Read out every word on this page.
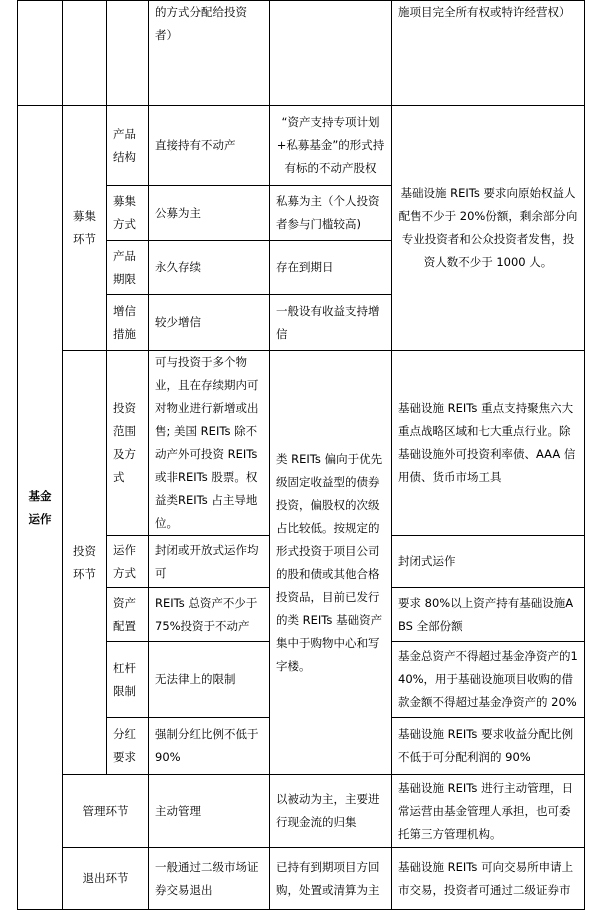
			的方式分配给投资者）		施项目完全所有权或特许经营权）

基金运作	募集环节	产品结构	直接持有不动产	“资产支持专项计划+私募基金”的形式持有标的不动产股权	基础设施 REITs 要求向原始权益人配售不少于 20%份额，剩余部分向专业投资者和公众投资者发售，投资人数不少于 1000 人。
		募集方式	公募为主	私募为主（个人投资者参与门槛较高)	
		产品期限	永久存续	存在到期日	
		增信措施	较少增信	一般设有收益支持增信	
	投资环节	投资范围及方式	可与投资于多个物业，且在存续期内可对物业进行新增或出售; 美国 REITs 除不动产外可投资 REITs 或非REITs 股票。权益类REITs 占主导地位。	类 REITs 偏向于优先级固定收益型的债券投资，偏股权的次级占比较低。按规定的形式投资于项目公司的股和债或其他合格投资品，目前已发行的类 REITs 基础资产集中于购物中心和写字楼。	基础设施 REITs 重点支持聚焦六大重点战略区域和七大重点行业。除基础设施外可投资利率债、AAA 信用债、货币市场工具
		运作方式	封闭或开放式运作均可		封闭式运作
		资产配置	REITs 总资产不少于75%投资于不动产		要求 80%以上资产持有基础设施ABS 全部份额
		杠杆限制	无法律上的限制		基金总资产不得超过基金净资产的140%，用于基础设施项目收购的借款金额不得超过基金净资产的 20%
		分红要求	强制分红比例不低于90%		基础设施 REITs 要求收益分配比例不低于可分配利润的 90%
	管理环节		主动管理	以被动为主，主要进行现金流的归集	基础设施 REITs 进行主动管理，日常运营由基金管理人承担，也可委托第三方管理机构。
	退出环节		一般通过二级市场证券交易退出	已持有到期项目方回购，处置或清算为主	基础设施 REITs 可向交易所申请上市交易，投资者可通过二级证券市
